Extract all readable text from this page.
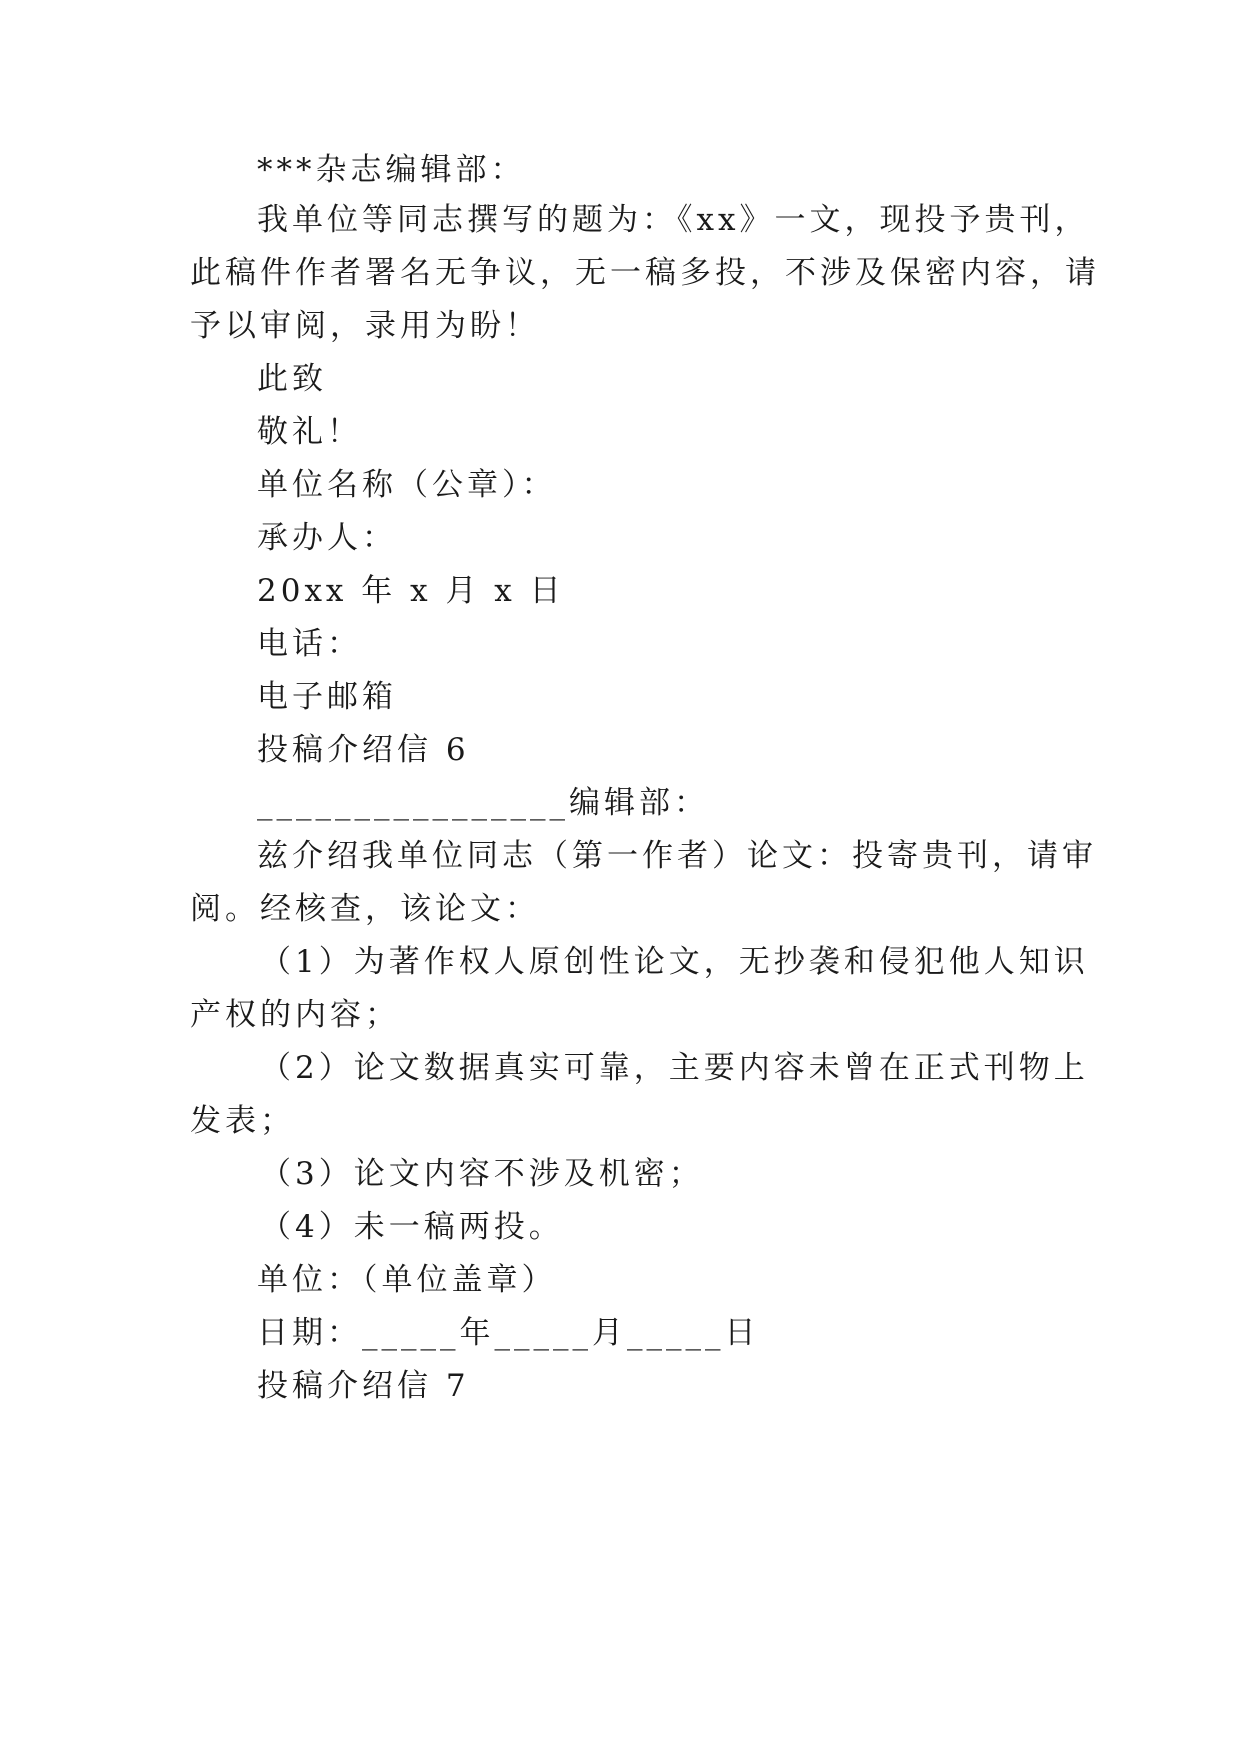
***杂志编辑部：
我单位等同志撰写的题为：《xx》一文，现投予贵刊，
此稿件作者署名无争议，无一稿多投，不涉及保密内容，请
予以审阅，录用为盼！
此致
敬礼！
单位名称（公章）：
承办人：
20xx 年 x 月 x 日
电话：
电子邮箱
投稿介绍信 6
________________编辑部：
兹介绍我单位同志（第一作者）论文：投寄贵刊，请审
阅。经核查，该论文：
（1）为著作权人原创性论文，无抄袭和侵犯他人知识
产权的内容；
（2）论文数据真实可靠，主要内容未曾在正式刊物上
发表；
（3）论文内容不涉及机密；
（4）未一稿两投。
单位：（单位盖章）
日期：_____年_____月_____日
投稿介绍信 7
